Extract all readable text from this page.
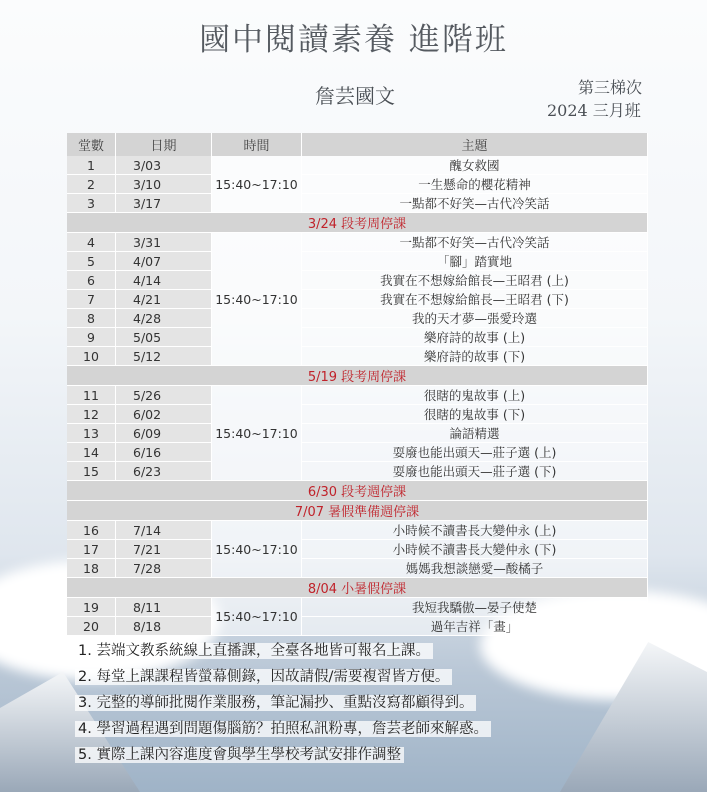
國中閱讀素養 進階班
詹芸國文	第三梯次
2024 三月班
堂數	日期	時間	主題
1	3/03	15:40~17:10	醜女救國
2	3/10		一生懸命的櫻花精神
3	3/17		一點都不好笑—古代冷笑話
3/24 段考周停課			
4	3/31	15:40~17:10	一點都不好笑—古代冷笑話
5	4/07		「腳」踏實地
6	4/14		我實在不想嫁給館長—王昭君 (上)
7	4/21		我實在不想嫁給館長—王昭君 (下)
8	4/28		我的天才夢—張愛玲選
9	5/05		樂府詩的故事 (上)
10	5/12		樂府詩的故事 (下)
5/19 段考周停課			
11	5/26	15:40~17:10	很瞎的鬼故事 (上)
12	6/02		很瞎的鬼故事 (下)
13	6/09		論語精選
14	6/16		耍廢也能出頭天—莊子選 (上)
15	6/23		耍廢也能出頭天—莊子選 (下)
6/30 段考週停課			
7/07 暑假準備週停課			
16	7/14	15:40~17:10	小時候不讀書長大變仲永 (上)
17	7/21		小時候不讀書長大變仲永 (下)
18	7/28		媽媽我想談戀愛—酸橘子
8/04 小暑假停課			
19	8/11	15:40~17:10	我短我驕傲—晏子使楚
20	8/18		過年吉祥「畫」
1. 芸端文教系統線上直播課，全臺各地皆可報名上課。
2. 每堂上課課程皆螢幕側錄，因故請假/需要複習皆方便。
3. 完整的導師批閱作業服務，筆記漏抄、重點沒寫都顧得到。
4. 學習過程遇到問題傷腦筋？拍照私訊粉專，詹芸老師來解惑。
5. 實際上課內容進度會與學生學校考試安排作調整
